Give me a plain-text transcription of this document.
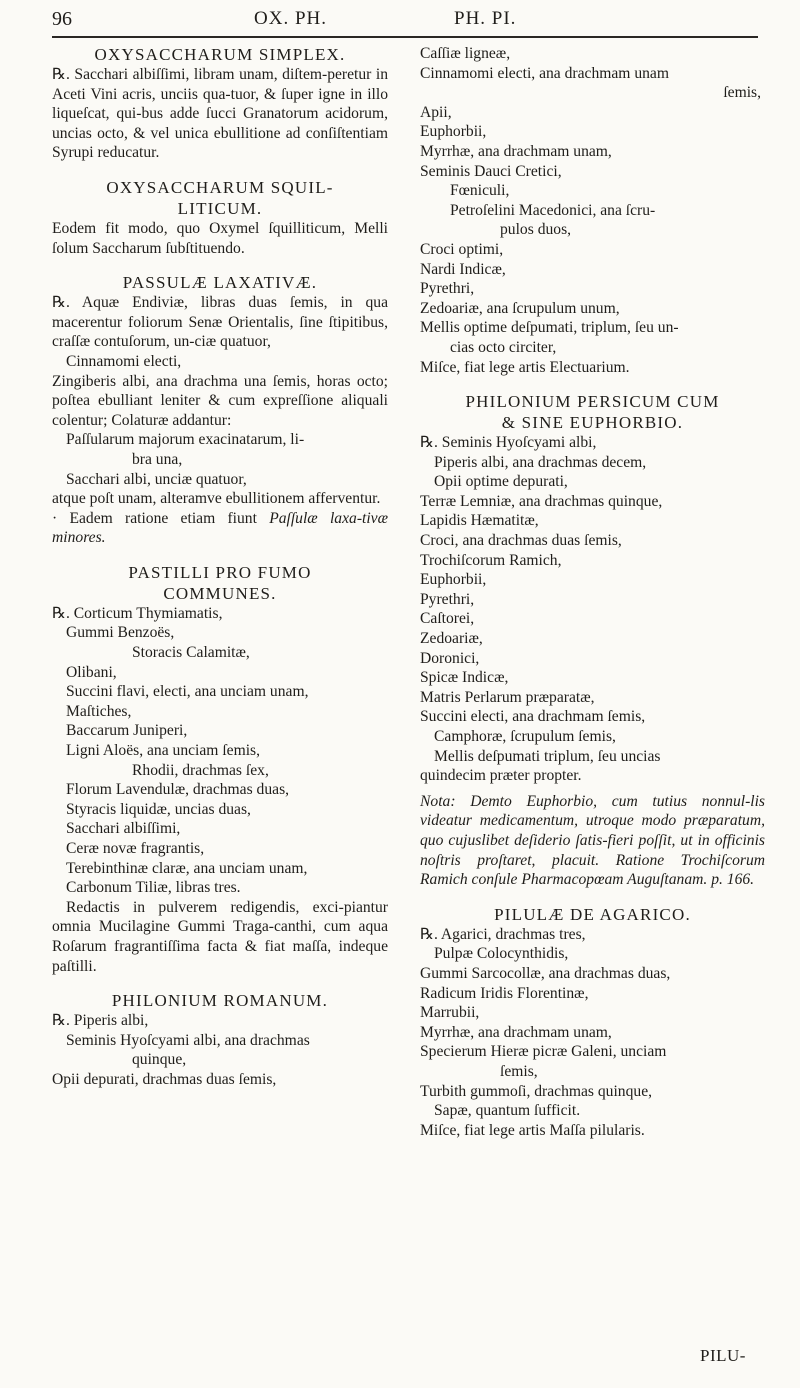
96	OX. PH.	PH. PI.
OXYSACCHARUM SIMPLEX.

℞. Sacchari albiſſimi, libram unam, diſtem-peretur in Aceti Vini acris, unciis qua-tuor, & ſuper igne in illo liqueſcat, qui-bus adde ſucci Granatorum acidorum, uncias octo, & vel unica ebullitione ad conſiſtentiam Syrupi reducatur.

OXYSACCHARUM SQUIL-
LITICUM.

Eodem fit modo, quo Oxymel ſquilliticum, Melli ſolum Saccharum ſubſtituendo.

PASSULÆ LAXATIVÆ.

℞. Aquæ Endiviæ, libras duas ſemis, in qua macerentur foliorum Senæ Orientalis, ſine ſtipitibus, craſſæ contuſorum, un-ciæ quatuor,

Cinnamomi electi,

Zingiberis albi, ana drachma una ſemis, horas octo; poſtea ebulliant leniter & cum expreſſione aliquali colentur; Colaturæ addantur:

Paſſularum majorum exacinatarum, li-

bra una,

Sacchari albi, unciæ quatuor,

atque poſt unam, alteramve ebullitionem afferventur.

· Eadem ratione etiam fiunt Paſſulæ laxa-tivæ minores.

PASTILLI PRO FUMO
COMMUNES.

℞. Corticum Thymiamatis,

Gummi Benzoës,

Storacis Calamitæ,

Olibani,

Succini flavi, electi, ana unciam unam,

Maſtiches,

Baccarum Juniperi,

Ligni Aloës, ana unciam ſemis,

Rhodii, drachmas ſex,

Florum Lavendulæ, drachmas duas,

Styracis liquidæ, uncias duas,

Sacchari albiſſimi,

Ceræ novæ fragrantis,

Terebinthinæ claræ, ana unciam unam,

Carbonum Tiliæ, libras tres.

Redactis in pulverem redigendis, exci-piantur omnia Mucilagine Gummi Traga-canthi, cum aqua Roſarum fragrantiſſima facta & fiat maſſa, indeque paſtilli.

PHILONIUM ROMANUM.

℞. Piperis albi,

Seminis Hyoſcyami albi, ana drachmas

quinque,

Opii depurati, drachmas duas ſemis,

Caſſiæ ligneæ,

Cinnamomi electi, ana drachmam unam

ſemis,

Apii,

Euphorbii,

Myrrhæ, ana drachmam unam,

Seminis Dauci Cretici,

Fœniculi,

Petroſelini Macedonici, ana ſcru-

pulos duos,

Croci optimi,

Nardi Indicæ,

Pyrethri,

Zedoariæ, ana ſcrupulum unum,

Mellis optime deſpumati, triplum, ſeu un-

cias octo circiter,

Miſce, fiat lege artis Electuarium.

PHILONIUM PERSICUM CUM
& SINE EUPHORBIO.

℞. Seminis Hyoſcyami albi,

Piperis albi, ana drachmas decem,

Opii optime depurati,

Terræ Lemniæ, ana drachmas quinque,

Lapidis Hæmatitæ,

Croci, ana drachmas duas ſemis,

Trochiſcorum Ramich,

Euphorbii,

Pyrethri,

Caſtorei,

Zedoariæ,

Doronici,

Spicæ Indicæ,

Matris Perlarum præparatæ,

Succini electi, ana drachmam ſemis,

Camphoræ, ſcrupulum ſemis,

Mellis deſpumati triplum, ſeu uncias

quindecim præter propter.

Nota: Demto Euphorbio, cum tutius nonnul-lis videatur medicamentum, utroque modo præparatum, quo cujuslibet deſiderio ſatis-fieri poſſit, ut in officinis noſtris proſtaret, placuit. Ratione Trochiſcorum Ramich conſule Pharmacopœam Auguſtanam. p. 166.

PILULÆ DE AGARICO.

℞. Agarici, drachmas tres,

Pulpæ Colocynthidis,

Gummi Sarcocollæ, ana drachmas duas,

Radicum Iridis Florentinæ,

Marrubii,

Myrrhæ, ana drachmam unam,

Specierum Hieræ picræ Galeni, unciam

ſemis,

Turbith gummoſi, drachmas quinque,

Sapæ, quantum ſufficit.

Miſce, fiat lege artis Maſſa pilularis.

PILU-
